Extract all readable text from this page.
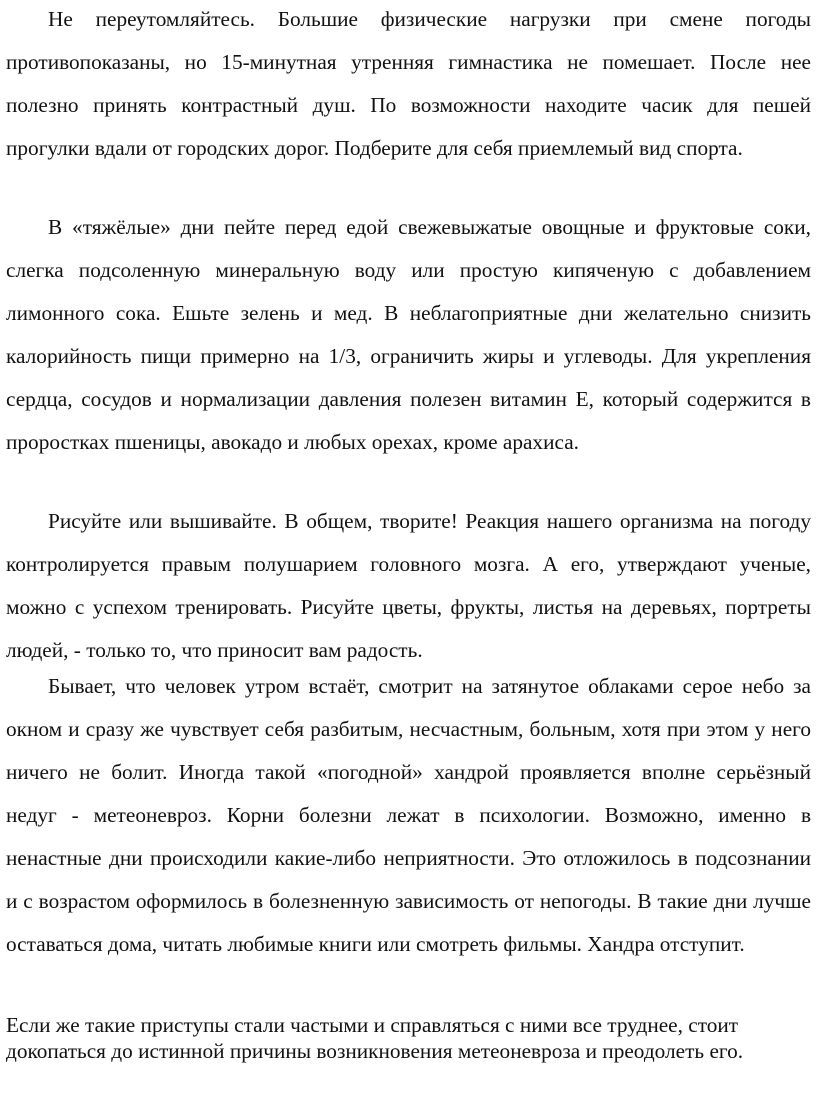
Не переутомляйтесь. Большие физические нагрузки при смене погоды противопоказаны, но 15-минутная утренняя гимнастика не помешает. После нее полезно принять контрастный душ. По возможности находите часик для пешей прогулки вдали от городских дорог. Подберите для себя приемлемый вид спорта.

В «тяжёлые» дни пейте перед едой свежевыжатые овощные и фруктовые соки, слегка подсоленную минеральную воду или простую кипяченую с добавлением лимонного сока. Ешьте зелень и мед. В неблагоприятные дни желательно снизить калорийность пищи примерно на 1/3, ограничить жиры и углеводы. Для укрепления сердца, сосудов и нормализации давления полезен витамин Е, который содержится в проростках пшеницы, авокадо и любых орехах, кроме арахиса.

Рисуйте или вышивайте. В общем, творите! Реакция нашего организма на погоду контролируется правым полушарием головного мозга. А его, утверждают ученые, можно с успехом тренировать. Рисуйте цветы, фрукты, листья на деревьях, портреты людей, - только то, что приносит вам радость.

Бывает, что человек утром встаёт, смотрит на затянутое облаками серое небо за окном и сразу же чувствует себя разбитым, несчастным, больным, хотя при этом у него ничего не болит. Иногда такой «погодной» хандрой проявляется вполне серьёзный недуг - метеоневроз. Корни болезни лежат в психологии. Возможно, именно в ненастные дни происходили какие-либо неприятности. Это отложилось в подсознании и с возрастом оформилось в болезненную зависимость от непогоды. В такие дни лучше оставаться дома, читать любимые книги или смотреть фильмы. Хандра отступит.

Если же такие приступы стали частыми и справляться с ними все труднее, стоит докопаться до истинной причины возникновения метеоневроза и преодолеть его.
